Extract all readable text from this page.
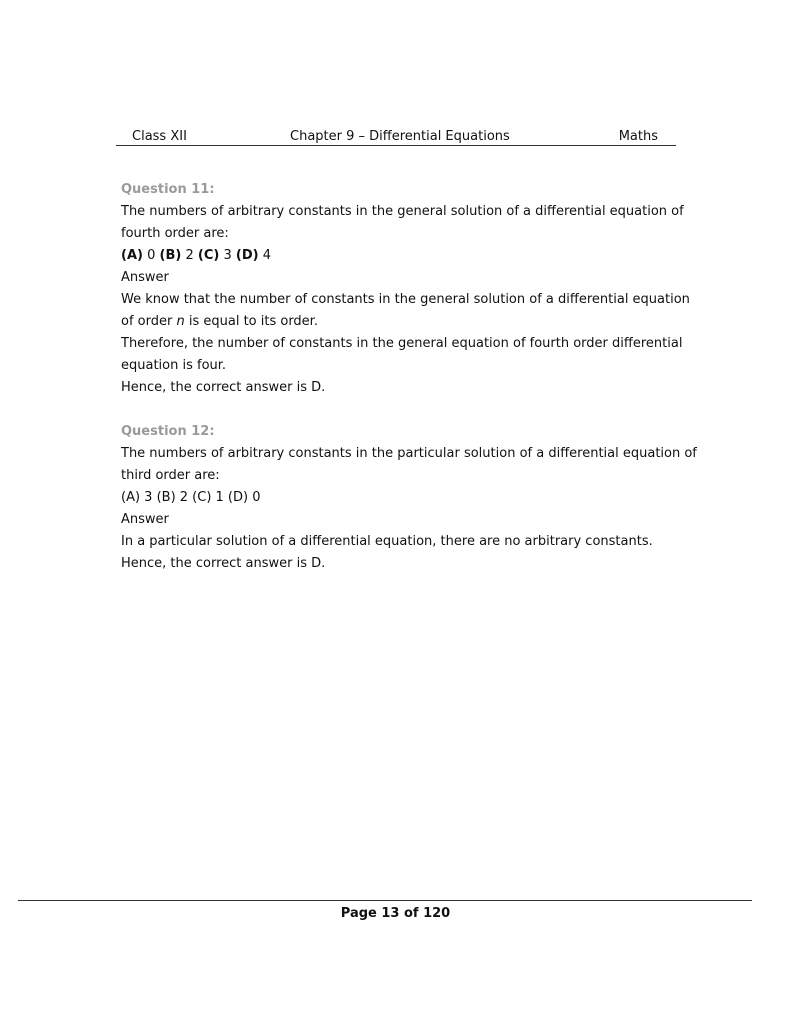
Class XII	Chapter 9 – Differential Equations	Maths
Question 11:
The numbers of arbitrary constants in the general solution of a differential equation of
fourth order are:
(A) 0 (B) 2 (C) 3 (D) 4
Answer
We know that the number of constants in the general solution of a differential equation
of order n is equal to its order.
Therefore, the number of constants in the general equation of fourth order differential
equation is four.
Hence, the correct answer is D.
Question 12:
The numbers of arbitrary constants in the particular solution of a differential equation of
third order are:
(A) 3 (B) 2 (C) 1 (D) 0
Answer
In a particular solution of a differential equation, there are no arbitrary constants.
Hence, the correct answer is D.
Page 13 of 120
